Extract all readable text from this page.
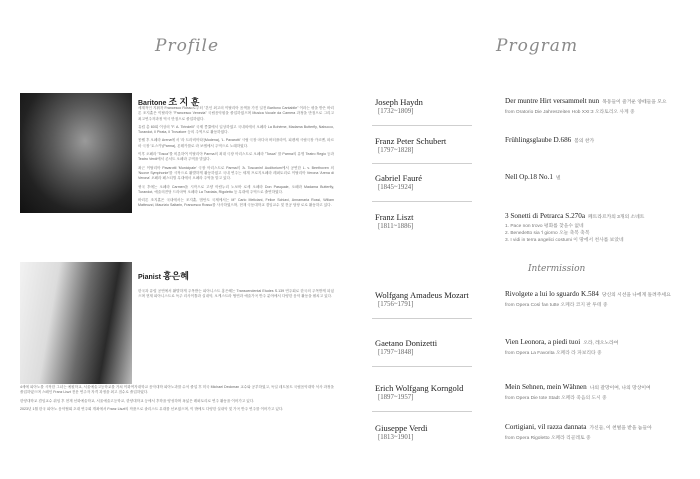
Profile
Baritone 조 지 훈

세계적인 지휘자 Francesco Rosso로부터 "본인 최고의 이탈리아 음색을 가진 일전 Baritono Cantabile" 이라는 평을 받은 바리톤 조지훈은 이탈리아 "Francesco Venezia" 국립음악원을 졸업하였으며 Musica Vocale da Camera 과정을 만점으로 그리고 최고연주자과정 역시 만점으로 졸업하였다.

유럽 총 60회 이상의 "F. A. Tirindelli" 국제 콩쿨에서 입상하였고 국내외에서 오페라 La Bohème, Madama Butterfly, Nabucco, Turandot, Il Pirata, Il Trovatore 등의 주역으로 활동하였다.

몽펠 후 오페라 Arena에 서 '라 트라비아타'(Modena), 'L. Pavarotti' 시립 극장 마다마 버터플라이, 피렌체 시립극장 카르멘, 파르마 극장 '토스카'(Parma), 몬테카를로 라 보엠에서 주역으로 노래하였다.

이후 오페라 "Tosca"를 비롯하여 이탈리아 Parma의 최대 극장 아리스트로 오페라 "Tosca" 를 Parma의 유명 Teatro Regio 등과 Teatro Verdi에서 콘서트 오페라 주역을 맡았다.

최근 이탈리아 Pavarotti 'Municipale' 극장 아리스트로 Parma의 'A. Toscanini' Auditorium에서 공연한 L. v. Beethoven 의 'Nuove Symphonie'를 시작으로 활발하게 활동하였고 국내 연주는 세계 프로지오페라 레퍼토리로 이탈리아 Verona 'Arena di Verona' 오페라 페스티벌 무대에서 오페라 주역을 맡고 있다.

귀국 후에는 오페라 Carmen을 시작으로 고양 아람누리 노보바 로세 오페라 Don Pasquale, 오페라 Madama Butterfly, Turandot, 예술의전당 드라마틱 오페라 La Traviata, Rigoletto 등 무대에 주역으로 출연하였다.

바리톤 조지훈은 국내에서는 조지훈, 범안도 국제에서는 M° Carlo Meliciani, Felice Schiavi, Annamaria Rossi, Wiliam Matteuzzi, Maurizio Saltarin, Francesco Rosso를 사사하였으며, 현재 극동대학교 겸임교수 및 전공 담당 로로 활동하고 있다.

Pianist 홍은혜

한국과 유럽 공연에서 활발하게 주목받는 피아니스트 홍은혜는 Transcendental Etudes S.139 연주회로 한국의 주목받게 되었으며 현재 피아니스트로 독주 리사이틀과 실내악, 오케스트라 협연과 예술가곡 반주 분야에서 다양한 음악 활동을 펼치고 있다.

4세에 피아노를 시작한 그녀는 예원학교, 서울예술고등학교를 거쳐 이화여자대학교 음악대학 피아노과를 수석 졸업 후 미국 Michael Deckman 교수와 공부하였고, 독일 데트몰트 국립음악대학 석사 과정을 졸업하였으며 스페인 Franz Liszt 전문 연주자 자격 과정을 최고 점수로 졸업하였다.

한양대학교 겸임교수 취임 후 현재 선화예술학교, 서울예술고등학교, 한양대학교 등에서 후학을 양성하며 폭넓은 레퍼토리로 연주 활동을 이어가고 있다.

2023년 1월 한국 피아노 음악협회 초대 연주회 개최에서 Franz Liszt의 작품으로 솔리스트 무대를 선보였으며, 이 밖에도 다양한 실내악 및 가곡 반주 연주를 이어가고 있다.

Program
Joseph Haydn
[1732~1809]
Der muntre Hirt versammelt nun 목동들이 즐거운 양떼들을 모으
from Oratorio Die Jahreszeiten Hob XXI:3 오라토리오 사계 중
Franz Peter Schubert
[1797~1828]
Frühlingsglaube D.686 봄의 찬가
Gabriel Fauré
[1845~1924]
Nell Op.18 No.1 넬
Franz Liszt
[1811~1886]
3 Sonetti di Petrarca S.270a 페트라르카의 3개의 소네트
1. Pace non trovo 평화를 찾을수 없네
2. Benedetto sia 'l giorno 오늘 축복 축복
3. I vidi in terra angelici costumi 이 땅에서 천사를 보았네
Intermission
Wolfgang Amadeus Mozart
[1756~1791]
Rivolgete a lui lo sguardo K.584 당신의 시선을 나에게 돌려주세요
from Opera Così fan tutte 오페라 코지 판 투테 중
Gaetano Donizetti
[1797~1848]
Vien Leonora, a piedi tuoi 오라, 레오노라여
from Opera La Favorita 오페라 라 파보리타 중
Erich Wolfgang Korngold
[1897~1957]
Mein Sehnen, mein Wähnen 나의 갈망이여, 나의 망상이여
from Opera Die tote Stadt 오페라 죽음의 도시 중
Giuseppe Verdi
[1813~1901]
Cortigiani, vil razza dannata 가신들, 이 천벌을 받을 놈들아
from Opera Rigoletto 오페라 리골레토 중
